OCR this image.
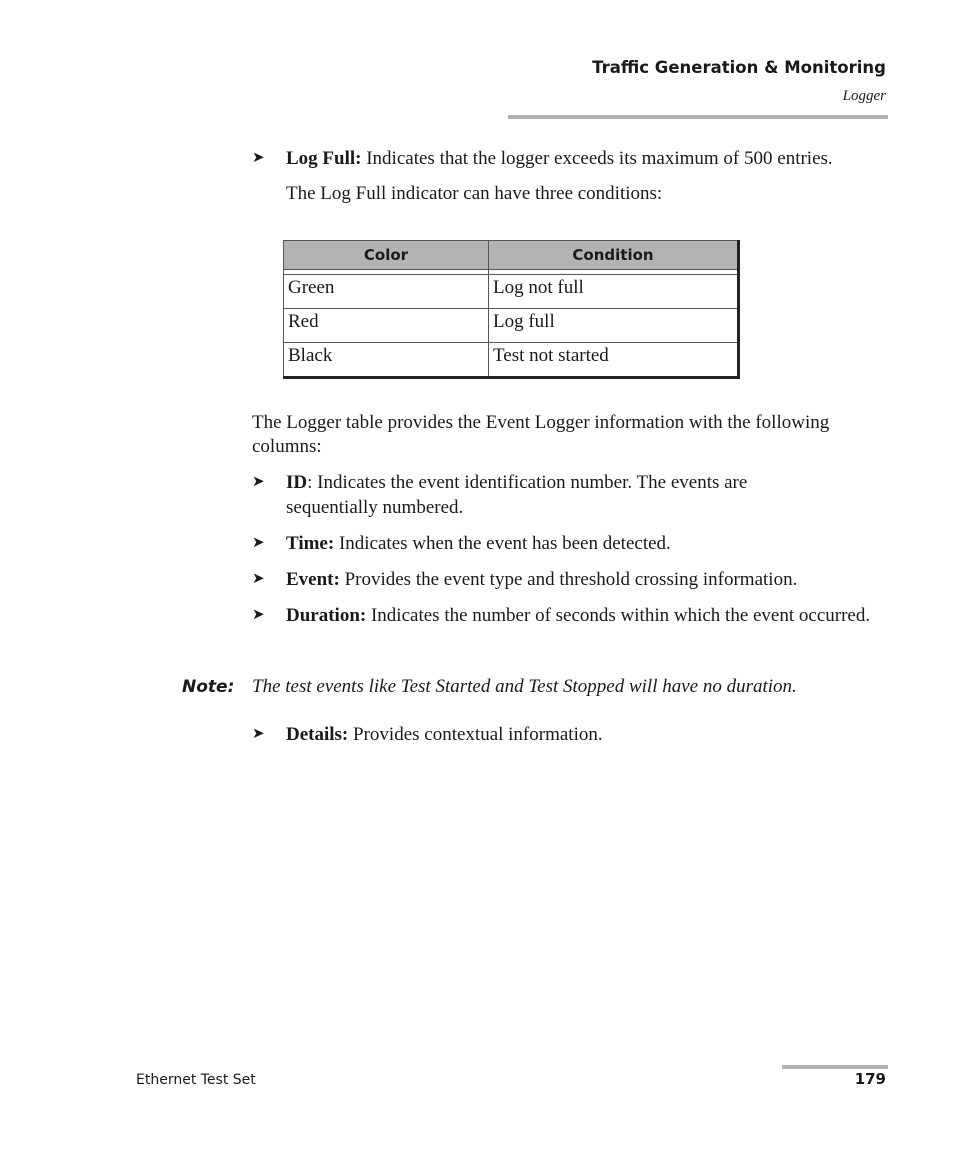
Traffic Generation & Monitoring
Logger
➤ Log Full: Indicates that the logger exceeds its maximum of 500 entries.
The Log Full indicator can have three conditions:
Color	Condition

Green	Log not full
Red	Log full
Black	Test not started
The Logger table provides the Event Logger information with the following columns:
➤ ID: Indicates the event identification number. The events are sequentially numbered.
➤ Time: Indicates when the event has been detected.
➤ Event: Provides the event type and threshold crossing information.
➤ Duration: Indicates the number of seconds within which the event occurred.
Note: The test events like Test Started and Test Stopped will have no duration.
➤ Details: Provides contextual information.
Ethernet Test Set	179
